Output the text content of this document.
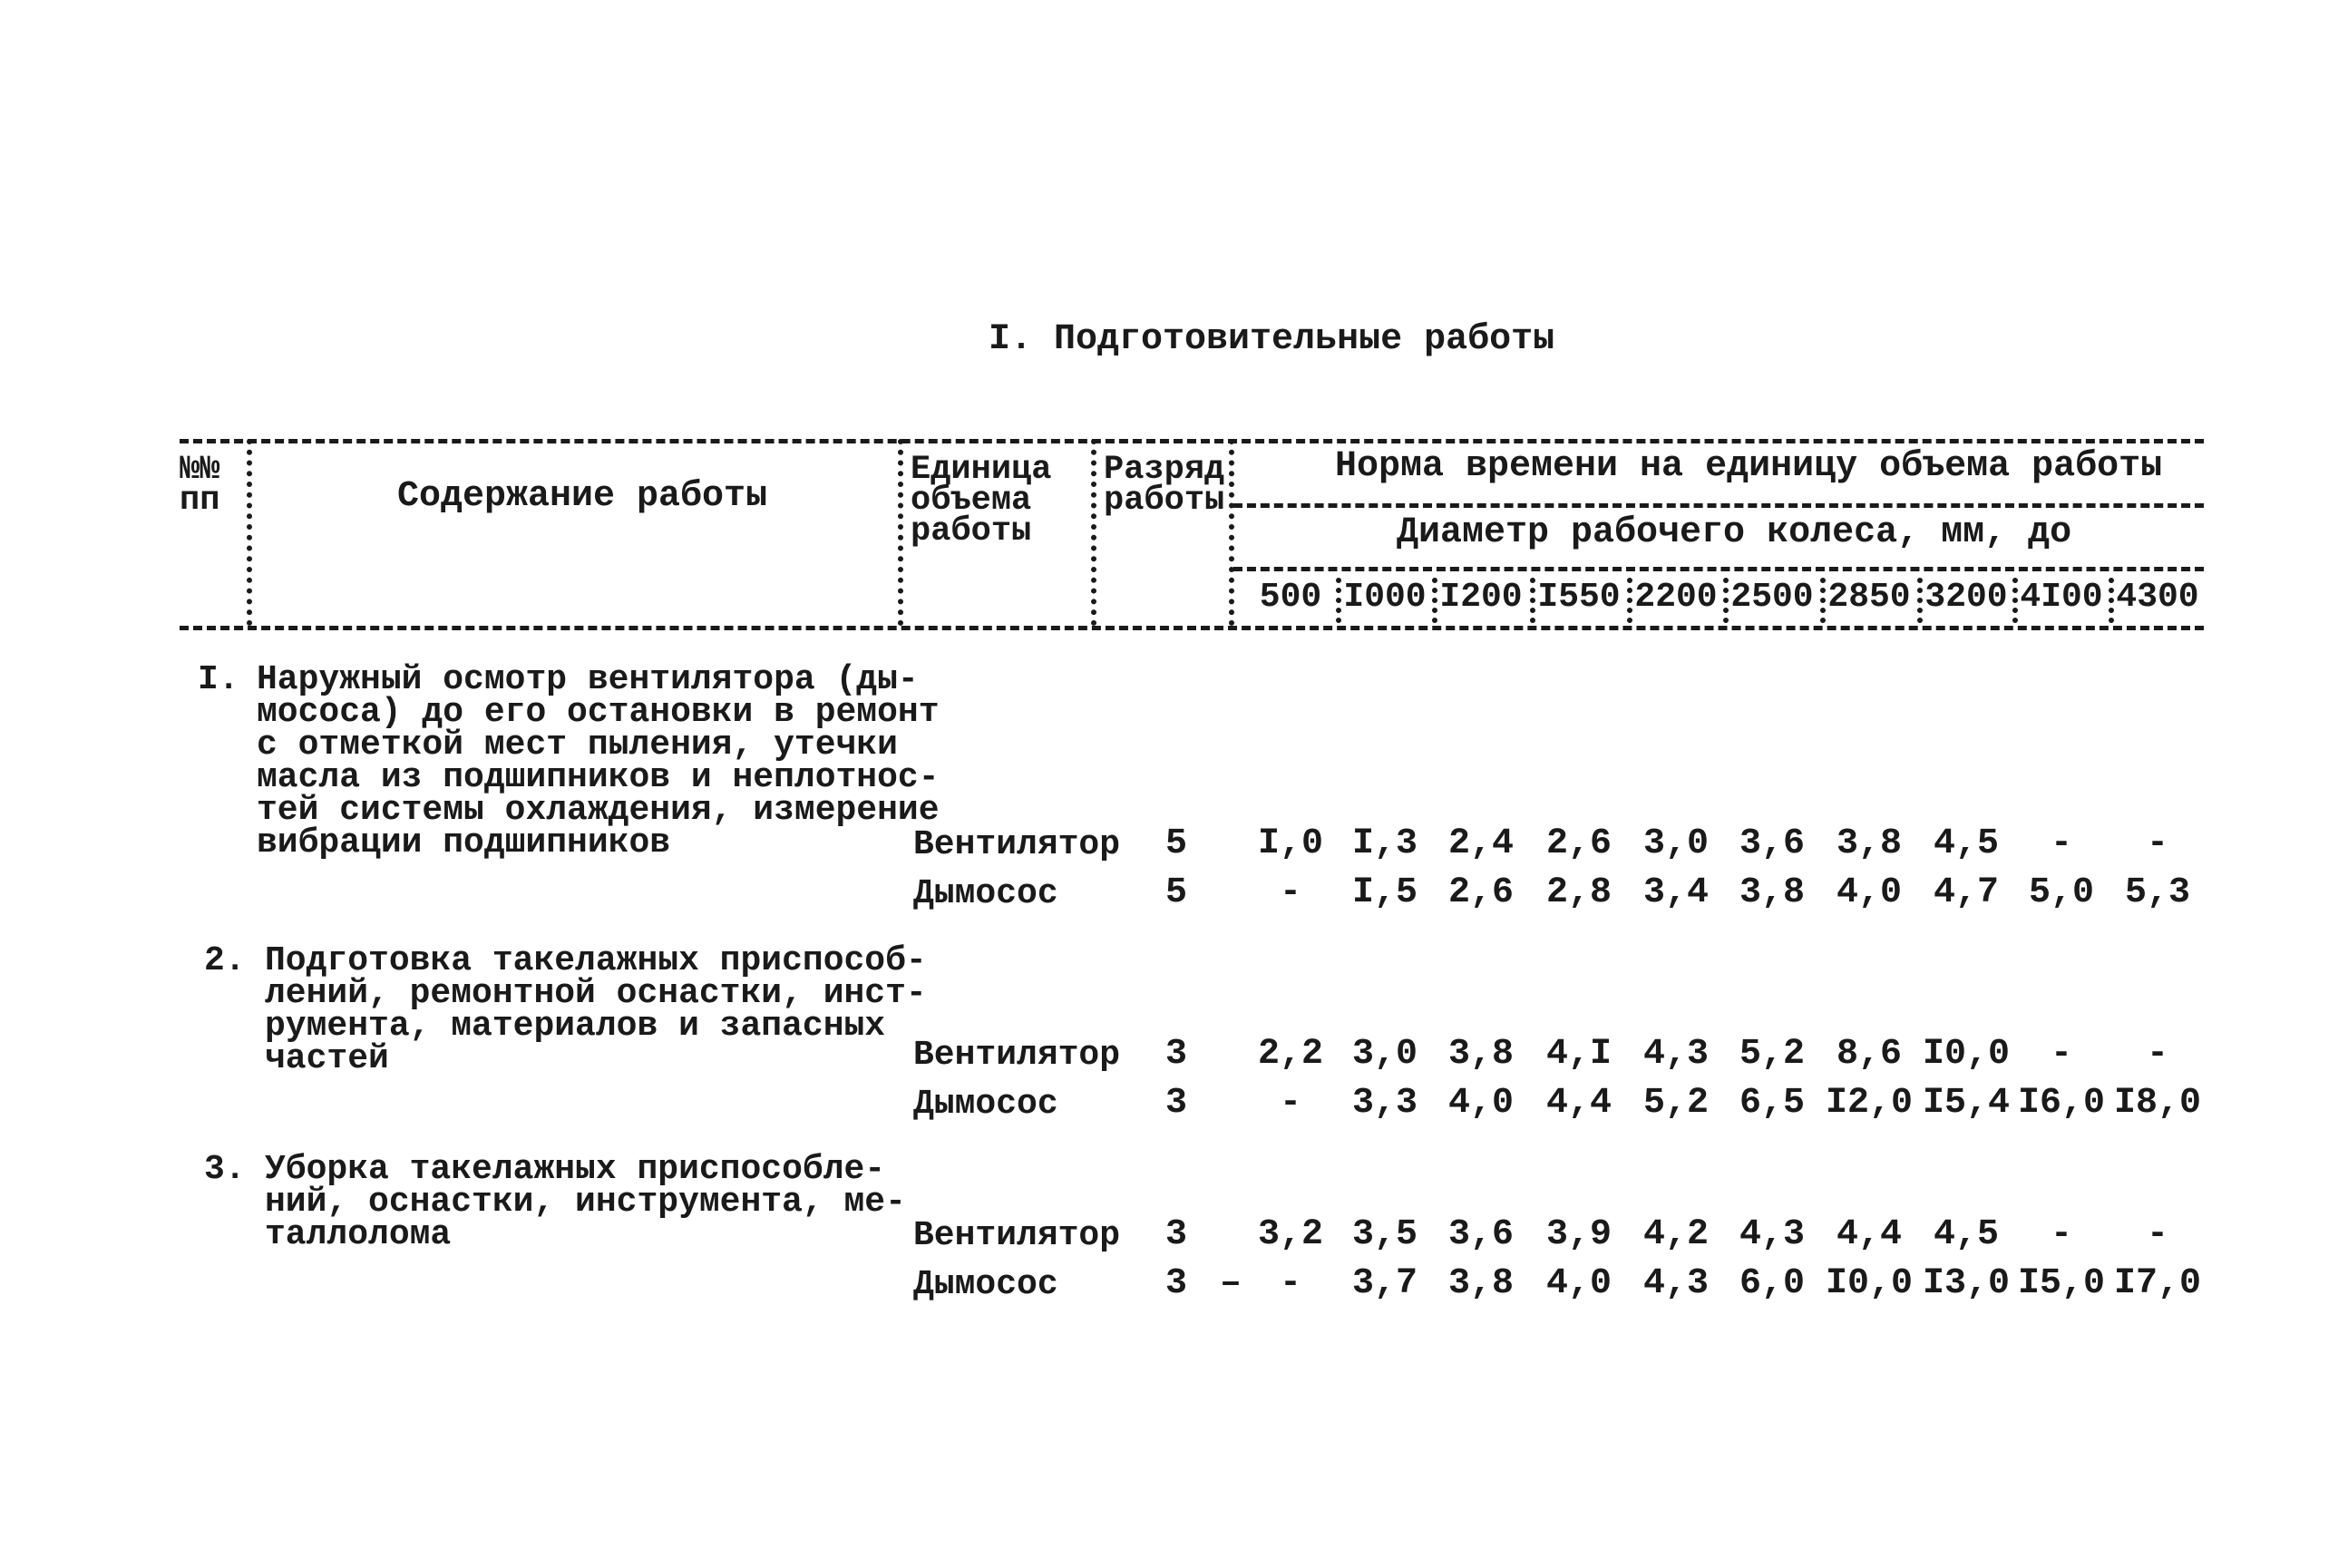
I. Подготовительные работы
№№
пп	Содержание работы
Единица
объема
работы
Разряд
работы
Норма времени на единицу объема работы
Диаметр рабочего колеса, мм, до
500 I000 I200 I550 2200 2500 2850 3200 4I00 4300
I. Наружный осмотр вентилятора (ды-
мососа) до его остановки в ремонт
с отметкой мест пыления, утечки
масла из подшипников и неплотнос-
тей системы охлаждения, измерение
вибрации подшипников	Вентилятор 5	I,0 I,3 2,4 2,6 3,0 3,6 3,8 4,5	-	-
Дымосос	5	-	I,5 2,6 2,8 3,4 3,8 4,0 4,7 5,0 5,3
2. Подготовка такелажных приспособ-
лений, ремонтной оснастки, инст-
румента, материалов и запасных
частей	Вентилятор 3	2,2 3,0 3,8 4,I 4,3 5,2 8,6 I0,0	-	-
Дымосос	3	-	3,3 4,0 4,4 5,2 6,5 I2,0 I5,4 I6,0 I8,0
3. Уборка такелажных приспособле-
ний, оснастки, инструмента, ме-
таллолома	Вентилятор 3	3,2 3,5 3,6 3,9 4,2 4,3 4,4 4,5	-	-
Дымосос	3 –	-	3,7 3,8 4,0 4,3 6,0 I0,0 I3,0 I5,0 I7,0
